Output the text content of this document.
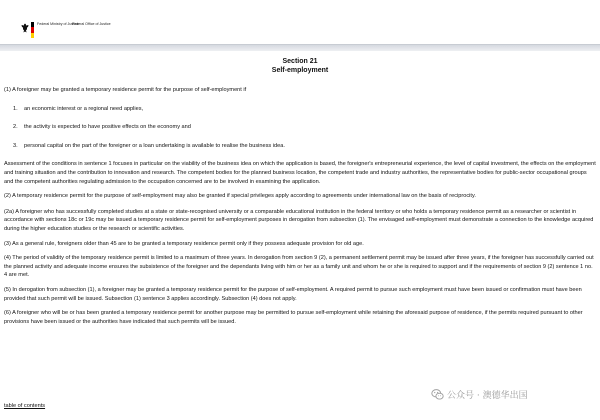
Federal Ministry of Justice
Federal Office of Justice
Section 21
Self-employment

(1) A foreigner may be granted a temporary residence permit for the purpose of self-employment if

1. an economic interest or a regional need applies,

2. the activity is expected to have positive effects on the economy and

3. personal capital on the part of the foreigner or a loan undertaking is available to realise the business idea.

Assessment of the conditions in sentence 1 focuses in particular on the viability of the business idea on which the application is based, the foreigner's entrepreneurial experience, the level of capital investment, the effects on the employment and training situation and the contribution to innovation and research. The competent bodies for the planned business location, the competent trade and industry authorities, the representative bodies for public-sector occupational groups and the competent authorities regulating admission to the occupation concerned are to be involved in examining the application.

(2) A temporary residence permit for the purpose of self-employment may also be granted if special privileges apply according to agreements under international law on the basis of reciprocity.

(2a) A foreigner who has successfully completed studies at a state or state-recognised university or a comparable educational institution in the federal territory or who holds a temporary residence permit as a researcher or scientist in accordance with sections 18c or 19c may be issued a temporary residence permit for self-employment purposes in derogation from subsection (1). The envisaged self-employment must demonstrate a connection to the knowledge acquired during the higher education studies or the research or scientific activities.

(3) As a general rule, foreigners older than 45 are to be granted a temporary residence permit only if they possess adequate provision for old age.

(4) The period of validity of the temporary residence permit is limited to a maximum of three years. In derogation from section 9 (2), a permanent settlement permit may be issued after three years, if the foreigner has successfully carried out the planned activity and adequate income ensures the subsistence of the foreigner and the dependants living with him or her as a family unit and whom he or she is required to support and if the requirements of section 9 (2) sentence 1 no. 4 are met.

(5) In derogation from subsection (1), a foreigner may be granted a temporary residence permit for the purpose of self-employment. A required permit to pursue such employment must have been issued or confirmation must have been provided that such permit will be issued. Subsection (1) sentence 3 applies accordingly. Subsection (4) does not apply.

(6) A foreigner who will be or has been granted a temporary residence permit for another purpose may be permitted to pursue self-employment while retaining the aforesaid purpose of residence, if the permits required pursuant to other provisions have been issued or the authorities have indicated that such permits will be issued.

table of contents
公众号 · 澳德华出国
